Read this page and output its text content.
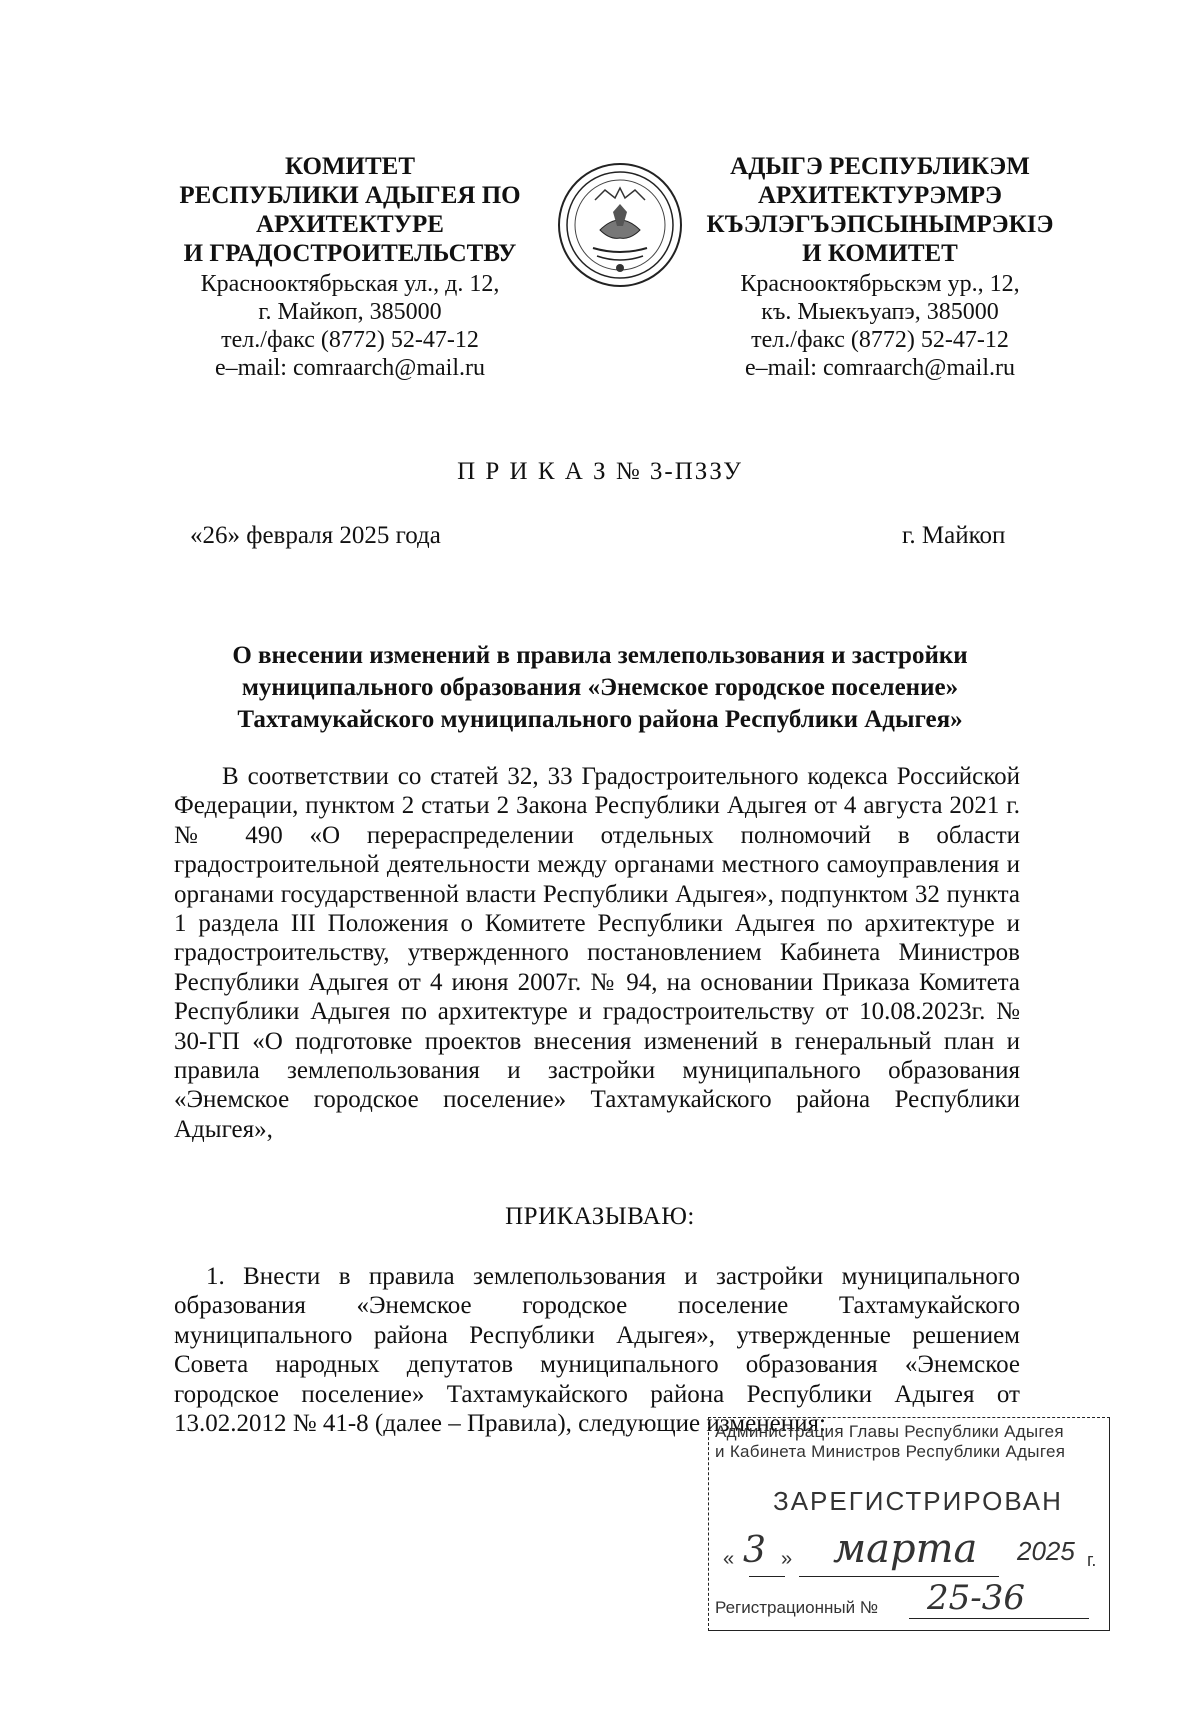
КОМИТЕТ
РЕСПУБЛИКИ АДЫГЕЯ ПО
АРХИТЕКТУРЕ
И ГРАДОСТРОИТЕЛЬСТВУ
Краснооктябрьская ул., д. 12,
г. Майкоп, 385000
тел./факс (8772) 52-47-12
e–mail: comraarch@mail.ru
АДЫГЭ РЕСПУБЛИКЭМ
АРХИТЕКТУРЭМРЭ
КЪЭЛЭГЪЭПСЫНЫМРЭКIЭ
И КОМИТЕТ
Краснооктябрьскэм ур., 12,
къ. Мыекъуапэ, 385000
тел./факс (8772) 52-47-12
e–mail: comraarch@mail.ru
П Р И К А З № 3-ПЗЗУ
«26» февраля 2025 года	г. Майкоп
О внесении изменений в правила землепользования и застройки
муниципального образования «Энемское городское поселение»
Тахтамукайского муниципального района Республики Адыгея»
В соответствии со статей 32, 33 Градостроительного кодекса Российской Федерации, пунктом 2 статьи 2 Закона Республики Адыгея от 4 августа 2021 г. № 490 «О перераспределении отдельных полномочий в области градостроительной деятельности между органами местного самоуправления и органами государственной власти Республики Адыгея», подпунктом 32 пункта 1 раздела III Положения о Комитете Республики Адыгея по архитектуре и градостроительству, утвержденного постановлением Кабинета Министров Республики Адыгея от 4 июня 2007г. № 94, на основании Приказа Комитета Республики Адыгея по архитектуре и градостроительству от 10.08.2023г. № 30-ГП «О подготовке проектов внесения изменений в генеральный план и правила землепользования и застройки муниципального образования «Энемское городское поселение» Тахтамукайского района Республики Адыгея»,
ПРИКАЗЫВАЮ:
1. Внести в правила землепользования и застройки муниципального образования «Энемское городское поселение Тахтамукайского муниципального района Республики Адыгея», утвержденные решением Совета народных депутатов муниципального образования «Энемское городское поселение» Тахтамукайского района Республики Адыгея от 13.02.2012 № 41-8 (далее – Правила), следующие изменения:
Администрация Главы Республики Адыгея
и Кабинета Министров Республики Адыгея
ЗАРЕГИСТРИРОВАН
« 3 » марта 2025 г.
Регистрационный № 25-36
